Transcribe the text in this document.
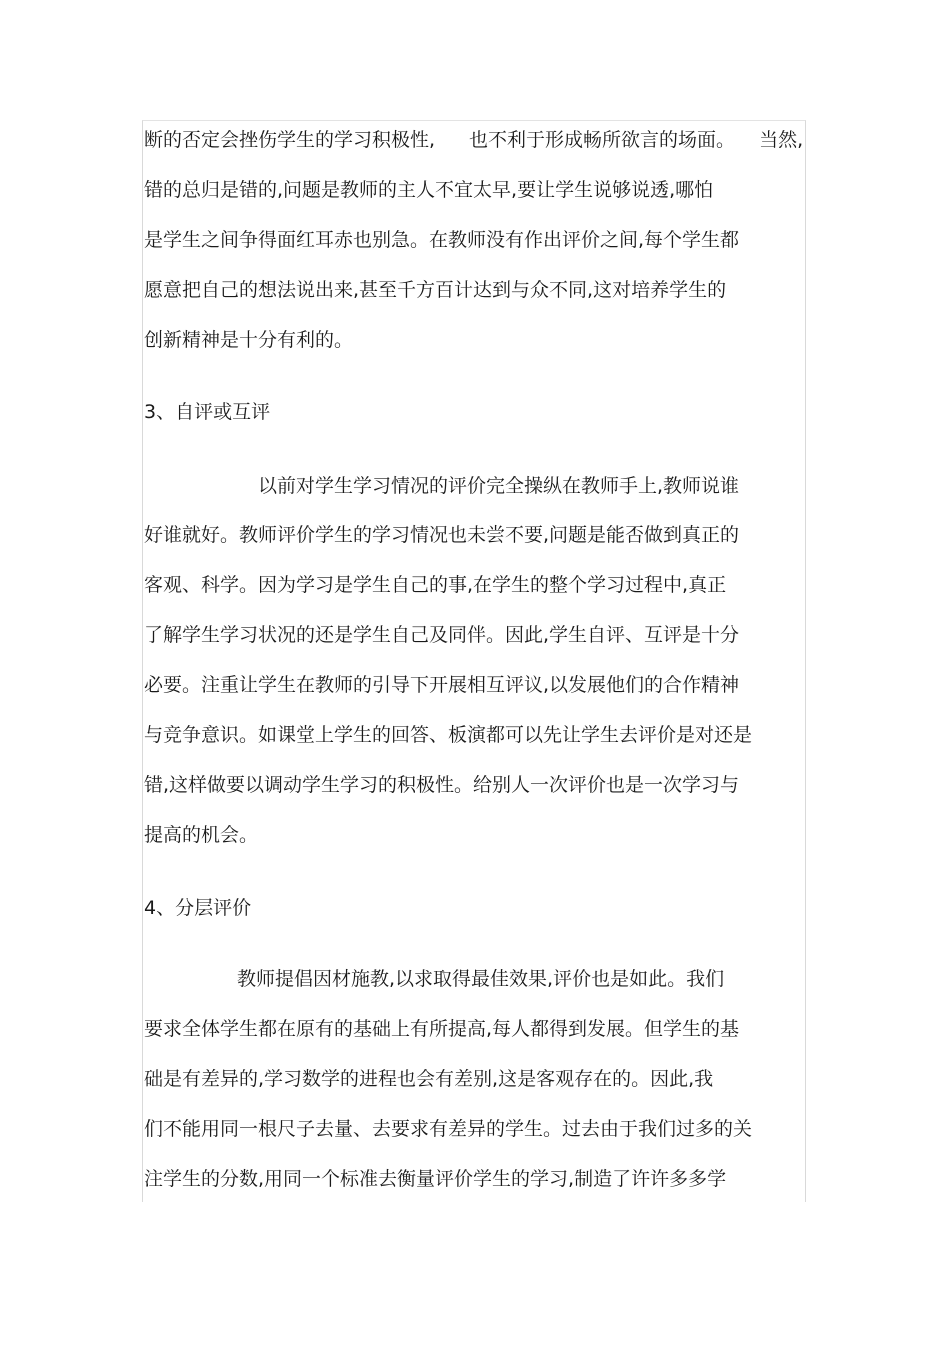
断的否定会挫伤学生的学习积极性, 也不利于形成畅所欲言的场面。 当然,
错的总归是错的,问题是教师的主人不宜太早,要让学生说够说透,哪怕
是学生之间争得面红耳赤也别急。在教师没有作出评价之间,每个学生都
愿意把自己的想法说出来,甚至千方百计达到与众不同,这对培养学生的
创新精神是十分有利的。
3、自评或互评
以前对学生学习情况的评价完全操纵在教师手上,教师说谁
好谁就好。教师评价学生的学习情况也未尝不要,问题是能否做到真正的
客观、科学。因为学习是学生自己的事,在学生的整个学习过程中,真正
了解学生学习状况的还是学生自己及同伴。因此,学生自评、互评是十分
必要。注重让学生在教师的引导下开展相互评议,以发展他们的合作精神
与竞争意识。如课堂上学生的回答、板演都可以先让学生去评价是对还是
错,这样做要以调动学生学习的积极性。给别人一次评价也是一次学习与
提高的机会。
4、分层评价
教师提倡因材施教,以求取得最佳效果,评价也是如此。我们
要求全体学生都在原有的基础上有所提高,每人都得到发展。但学生的基
础是有差异的,学习数学的进程也会有差别,这是客观存在的。因此,我
们不能用同一根尺子去量、去要求有差异的学生。过去由于我们过多的关
注学生的分数,用同一个标准去衡量评价学生的学习,制造了许许多多学
